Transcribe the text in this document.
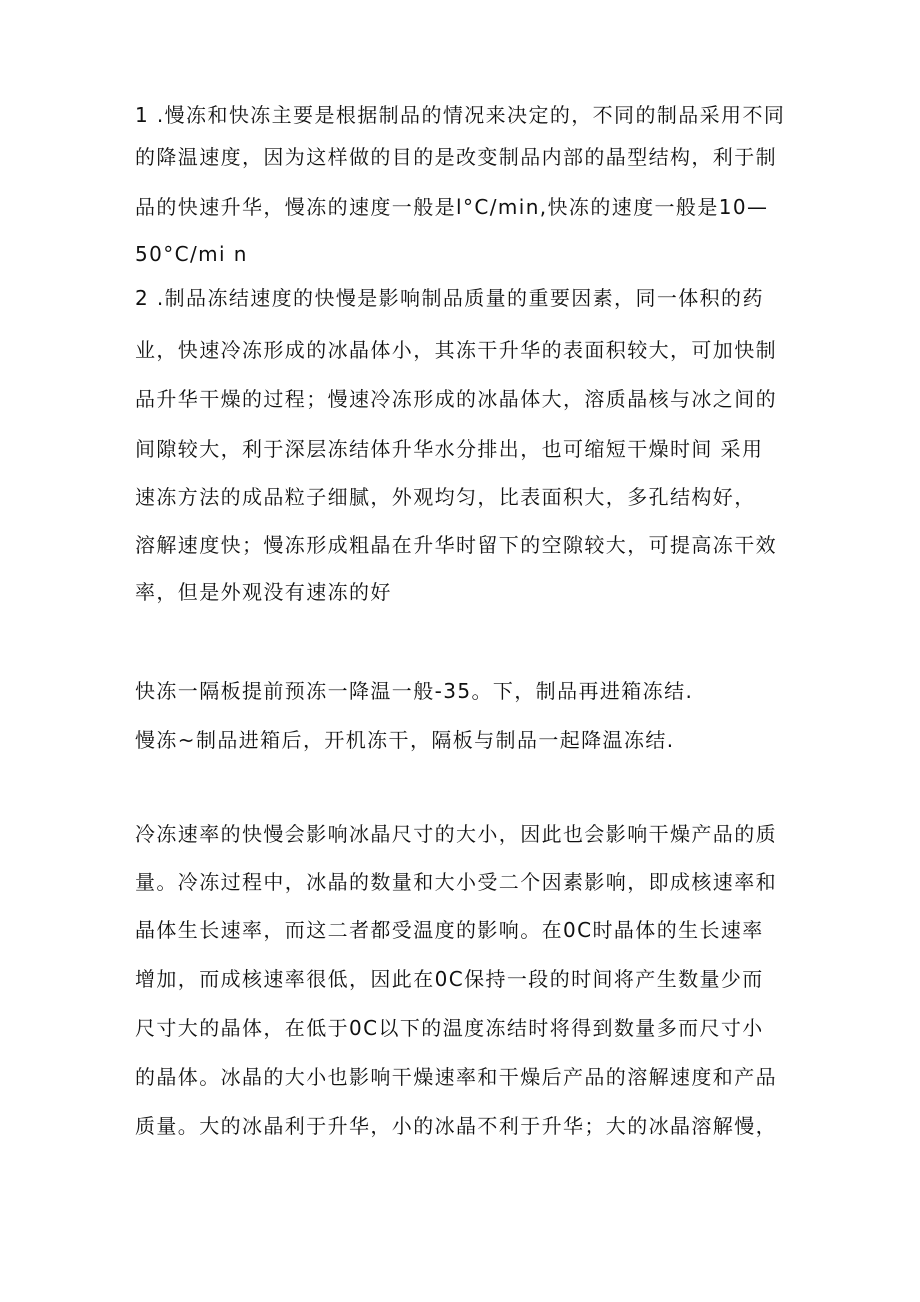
1 .慢冻和快冻主要是根据制品的情况来决定的，不同的制品采用不同
的降温速度，因为这样做的目的是改变制品内部的晶型结构，利于制
品的快速升华，慢冻的速度一般是l°C/min,快冻的速度一般是10—
50°C/mi n
2 .制品冻结速度的快慢是影响制品质量的重要因素，同一体积的药
业，快速冷冻形成的冰晶体小，其冻干升华的表面积较大，可加快制
品升华干燥的过程；慢速冷冻形成的冰晶体大，溶质晶核与冰之间的
间隙较大，利于深层冻结体升华水分排出，也可缩短干燥时间 采用
速冻方法的成品粒子细腻，外观均匀，比表面积大，多孔结构好，
溶解速度快；慢冻形成粗晶在升华时留下的空隙较大，可提高冻干效
率，但是外观没有速冻的好
快冻一隔板提前预冻一降温一般-35。下，制品再进箱冻结.
慢冻~制品进箱后，开机冻干，隔板与制品一起降温冻结.
冷冻速率的快慢会影响冰晶尺寸的大小，因此也会影响干燥产品的质
量。冷冻过程中，冰晶的数量和大小受二个因素影响，即成核速率和
晶体生长速率，而这二者都受温度的影响。在0C时晶体的生长速率
增加，而成核速率很低，因此在0C保持一段的时间将产生数量少而
尺寸大的晶体，在低于0C以下的温度冻结时将得到数量多而尺寸小
的晶体。冰晶的大小也影响干燥速率和干燥后产品的溶解速度和产品
质量。大的冰晶利于升华，小的冰晶不利于升华；大的冰晶溶解慢，
